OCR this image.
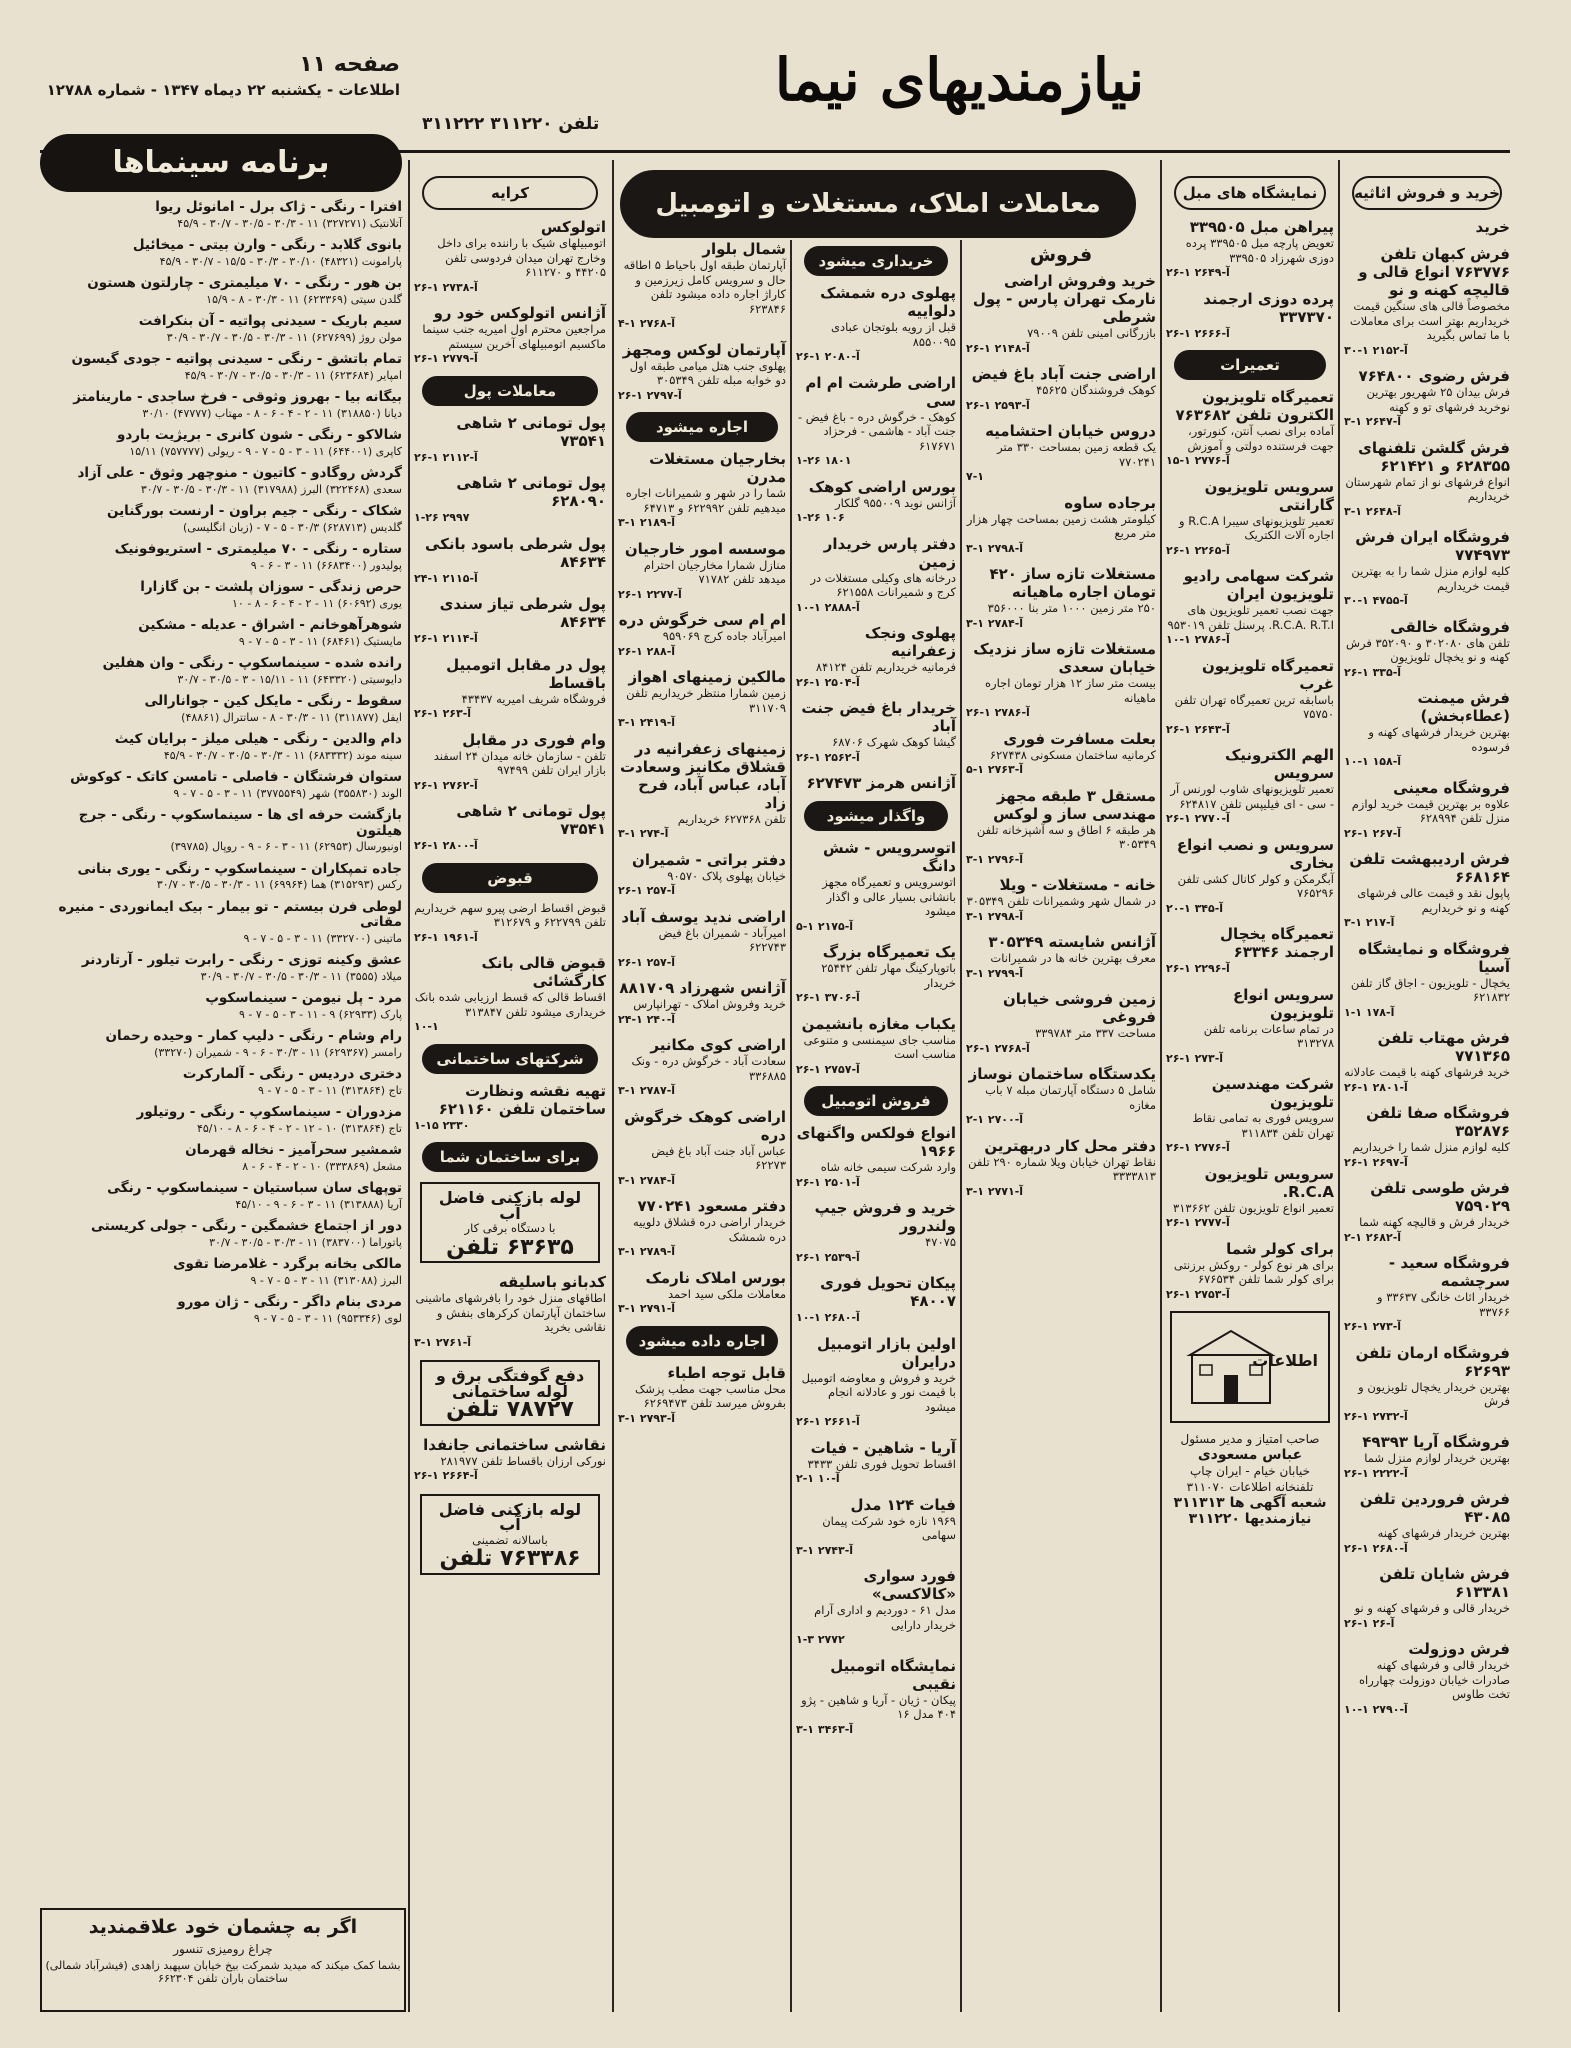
نیازمندیهای نیما
تلفن ۳۱۱۲۲۰ ۳۱۱۲۲۲
صفحه ۱۱
اطلاعات - یکشنبه ۲۲ دیماه ۱۳۴۷ - شماره ۱۲۷۸۸
برنامه سینماها
افترا - رنگی - ژاک برل - امانوئل ریوا
آتلانتیک (۳۲۷۲۷۱) ۱۱ - ۳۰/۳ - ۳۰/۵ - ۳۰/۷ - ۴۵/۹
بانوی گلابد - رنگی - وارن بیتی - میخائیل
پارامونت (۴۸۳۲۱) ۳۰/۱۰ - ۳۰/۳ - ۱۵/۵ - ۳۰/۷ - ۴۵/۹
بن هور - رنگی - ۷۰ میلیمتری - چارلتون هستون
گلدن سیتی (۶۲۳۳۶۹) ۱۱ - ۳۰/۳ - ۸ - ۱۵/۹
سیم باریک - سیدنی پواتیه - آن بنکرافت
مولن روژ (۶۲۷۶۹۹) ۱۱ - ۳۰/۳ - ۳۰/۵ - ۳۰/۷ - ۳۰/۹
تمام باتشق - رنگی - سیدنی پواتیه - جودی گیسون
امپایر (۶۲۳۶۸۴) ۱۱ - ۳۰/۳ - ۳۰/۵ - ۳۰/۷ - ۴۵/۹
بیگانه بیا - بهروز وثوقی - فرخ ساجدی - مارینامتز
دیانا (۳۱۸۸۵۰) ۱۱ - ۲ - ۴ - ۶ - ۸ - مهتاب (۴۷۷۷۷) ۳۰/۱۰
شالاکو - رنگی - شون کانری - بریژیت باردو
کاپری (۶۴۴۰۰۱) ۱۱ - ۳ - ۵ - ۷ - ۹ - ریولی (۷۵۷۷۷۷) ۱۵/۱۱
گردش روگادو - کاتیون - منوچهر وثوق - علی آزاد
سعدی (۳۲۲۴۶۸) البرز (۳۱۷۹۸۸) ۱۱ - ۳۰/۳ - ۳۰/۵ - ۳۰/۷
شکاک - رنگی - جیم براون - ارنست بورگناین
گلدیس (۶۲۸۷۱۳) ۳۰/۳ - ۵ - ۷ - (زبان انگلیسی)
ستاره - رنگی - ۷۰ میلیمتری - استریوفونیک
پولیدور (۶۶۸۳۴۰۰) ۱۱ - ۳ - ۶ - ۹
حرص زندگی - سوزان پلشت - بن گازارا
یوری (۶۰۶۹۲) ۱۱ - ۲ - ۴ - ۶ - ۸ - ۱۰
شوهرآهوخانم - اشراق - عدیله - مشکین
مایستیک (۶۸۴۶۱) ۱۱ - ۳ - ۵ - ۷ - ۹
رانده شده - سینماسکوپ - رنگی - وان هفلین
دایوسیتی (۶۴۳۳۲۰) ۱۱ - ۱۵/۱۱ - ۳ - ۳۰/۵ - ۳۰/۷
سقوط - رنگی - مایکل کین - جوانارالی
ایفل (۳۱۱۸۷۷) ۱۱ - ۳۰/۳ - ۸ - ساتترال (۴۸۸۶۱)
دام والدین - رنگی - هیلی میلز - برایان کیث
سینه موند (۶۸۳۳۳۲) ۱۱ - ۳۰/۳ - ۳۰/۵ - ۳۰/۷ - ۴۵/۹
ستوان فرشتگان - فاصلی - تامسن کاتک - کوکوش
الوند (۳۵۵۸۳۰) شهر (۳۷۷۵۵۴۹) ۱۱ - ۳ - ۵ - ۷ - ۹
بازگشت حرفه ای ها - سینماسکوپ - رنگی - جرج هیلتون
اونیورسال (۶۲۹۵۳) ۱۱ - ۳ - ۶ - ۹ - روپال (۳۹۷۸۵)
جاده تمپکاران - سینماسکوپ - رنگی - یوری بنانی
رکس (۳۱۵۲۹۳) هما (۶۹۹۶۴) ۱۱ - ۳۰/۳ - ۳۰/۵ - ۳۰/۷
لوطی فرن بیستم - تو بیمار - بیک ایمانوردی - منیره مقاتی
ماتینی (۳۳۲۷۰۰) ۱۱ - ۳ - ۵ - ۷ - ۹
عشق وکینه توزی - رنگی - رابرت تیلور - آرتاردنر
میلاد (۳۵۵۵) ۱۱ - ۳۰/۳ - ۳۰/۵ - ۳۰/۷ - ۳۰/۹
مرد - پل نیومن - سینماسکوپ
پارک (۶۲۹۳۳) ۹ - ۱۱ - ۳ - ۵ - ۷ - ۹
رام وشام - رنگی - دلیپ کمار - وحیده رحمان
رامسر (۶۲۹۳۶۷) ۱۱ - ۳۰/۳ - ۶ - ۹ - شمیران (۳۳۲۷۰)
دختری دردیس - رنگی - آلمارکرت
تاج (۳۱۳۸۶۴) ۱۱ - ۳ - ۵ - ۷ - ۹
مزدوران - سینماسکوپ - رنگی - روتیلور
تاج (۳۱۳۸۶۴) ۱۰ - ۱۲ - ۲ - ۴ - ۶ - ۸ - ۴۵/۱۰
شمشیر سحرآمیز - نخاله قهرمان
مشعل (۳۳۳۸۶۹) ۱۰ - ۲ - ۴ - ۶ - ۸
توپهای سان سباستیان - سینماسکوپ - رنگی
آریا (۳۱۳۸۸۸) ۱۱ - ۳ - ۶ - ۹ - ۴۵/۱۰
دور از اجتماع خشمگین - رنگی - جولی کریستی
پاتوراما (۳۸۳۷۰۰) ۱۱ - ۳۰/۳ - ۳۰/۵ - ۳۰/۷
مالکی بخانه برگرد - غلامرضا تقوی
البرز (۳۱۳۰۸۸) ۱۱ - ۳ - ۵ - ۷ - ۹
مردی بنام داگر - رنگی - ژان مورو
لوی (۹۵۳۳۴۶) ۱۱ - ۳ - ۵ - ۷ - ۹
اگر به چشمان خود علاقمندید
چراغ رومیزی تنسور
بشما کمک میکند که میدید شمرکت بیخ خیابان سپهبد زاهدی (فیشرآباد شمالی) ساختمان باران تلفن ۶۶۲۳۰۴
معاملات املاک، مستغلات و اتومبیل
کرایه
اتولوکس
اتومبیلهای شیک با راننده برای داخل وخارج تهران میدان فردوسی تلفن ۴۴۲۰۵ و ۶۱۱۲۷۰
آ-۲۷۳۸ ۱-۲۶
آژانس اتولوکس خود رو
مراجعین محترم اول امیریه جنب سینما ماکسیم اتومبیلهای آخرین سیستم
آ-۲۷۷۹ ۱-۲۶
معاملات پول
پول تومانی ۲ شاهی ۷۳۵۴۱
آ-۲۱۱۲ ۱-۲۶
پول تومانی ۲ شاهی ۶۲۸۰۹۰
۲۹۹۷ ۱-۲۶
پول شرطی باسود بانکی ۸۴۶۳۴
آ-۲۱۱۵ ۱-۲۴
پول شرطی تیاز سندی ۸۴۶۳۴
آ-۲۱۱۴ ۱-۲۶
پول در مقابل اتومبیل باقساط
فروشگاه شریف امیریه ۴۳۴۳۷
آ-۲۶۳ ۱-۲۶
وام فوری در مقابل
تلفن - سازمان خانه میدان ۲۴ اسفند بازار ایران تلفن ۹۷۴۹۹
آ-۲۷۶۲ ۱-۲۶
پول تومانی ۲ شاهی ۷۳۵۴۱
آ-۲۸۰۰ ۱-۲۶
قبوض
قبوض اقساط ارضی پیرو سهم خریداریم تلفن ۶۲۲۷۹۹ و ۳۱۲۶۷۹
آ-۱۹۶۱ ۱-۲۶
قبوض قالی بانک کارگشائی
اقساط قالی که قسط ارزیابی شده بانک خریداری میشود تلفن ۳۱۳۸۴۷
۱۰-۱
شرکتهای ساختمانی
تهیه نقشه ونظارت ساختمان تلفن ۶۲۱۱۶۰
۲۳۳۰ ۱-۱۵
برای ساختمان شما
لوله بازکنی فاضل آب
با دستگاه برقی کار
۶۳۶۳۵ تلفن
کدبانو باسلیقه
اطاقهای منزل خود را بافرشهای ماشینی ساختمان آپارتمان کرکرهای بنفش و نقاشی بخرید
آ-۲۷۶۱ ۱-۳
دفع گوفتگی برق و لوله ساختمانی
۷۸۷۲۷ تلفن
نقاشی ساختمانی جانفدا
نورکی ارزان باقساط تلفن ۲۸۱۹۷۷
آ-۲۶۶۴ ۱-۲۶
لوله بازکنی فاضل آب
باسالانه تضمینی
۷۶۳۳۸۶ تلفن
خریداری میشود
پهلوی دره شمشک دلواییه
قبل از رویه بلوتجان عبادی ۸۵۵۰۰۹۵
آ-۲۰۸۰ ۱-۲۶
اراضی طرشت ام ام سی
کوهک - خرگوش دره - باغ فیض - جنت آباد - هاشمی - فرحزاد ۶۱۷۶۷۱
۱۸۰۱ ۱-۲۶
بورس اراضی کوهک
آژانس نوید ۹۵۵۰۰۹ گلکار
۱۰۶ ۱-۲۶
دفتر پارس خریدار زمین
درخانه های وکیلی مستغلات در کرج و شمیرانات ۶۲۱۵۵۸
آ-۲۸۸۸ ۱-۱۰
پهلوی ونجک زعفرانیه
فرمانیه خریداریم تلفن ۸۴۱۲۴
آ-۲۵۰۴ ۱-۲۶
خریدار باغ فیض جنت آباد
گیشا کوهک شهرک ۶۸۷۰۶
آ-۲۵۶۲ ۱-۲۶
آژانس هرمز ۶۲۷۴۷۳
واگذار میشود
اتوسرویس - شش دانگ
اتوسرویس و تعمیرگاه مجهز بانشانی بسیار عالی و اگذار میشود
آ-۲۱۷۵ ۱-۵
یک تعمیرگاه بزرگ
باتوپارکینگ مهار تلفن ۲۵۴۴۲ خریدار
آ-۳۷۰۶ ۱-۲۶
یکباب مغازه بانشیمن
مناسب جای سیمنسی و متنوعی مناسب است
آ-۲۷۵۷ ۱-۲۶
فروش اتومبیل
انواع فولکس واگنهای ۱۹۶۶
وارد شرکت سیمی خانه شاه
آ-۲۵۰۱ ۱-۲۶
خرید و فروش جیپ ولندرور
۴۷۰۷۵
آ-۲۵۳۹ ۱-۲۶
پیکان تحویل فوری ۴۸۰۰۷
آ-۲۶۸۰ ۱-۱۰
اولین بازار اتومبیل درایران
خرید و فروش و معاوضه اتومبیل با قیمت نور و عادلانه انجام میشود
آ-۲۶۶۱ ۱-۲۶
آریا - شاهین - فیات
اقساط تحویل فوری تلفن ۳۴۳۳
آ-۱۰ ۱-۲
فیات ۱۲۴ مدل
۱۹۶۹ نازه خود شرکت پیمان سهامی
آ-۲۷۴۳ ۱-۳
فورد سواری «کالاکسی»
مدل ۶۱ - دوردیم و اداری آرام خریدار دارایی
۲۷۷۲ ۱-۳
نمایشگاه اتومبیل نقیبی
پیکان - ژیان - آریا و شاهین - پژو ۴۰۴ مدل ۱۶
آ-۳۴۶۳ ۱-۳
شمال بلوار
آپارتمان طبقه اول باحیاط ۵ اطاقه حال و سرویس کامل زیرزمین و کاراژ اجاره داده میشود تلفن ۶۲۳۸۴۶
آ-۲۷۶۸ ۱-۴
آپارتمان لوکس ومجهز
پهلوی جنب هتل میامی طبقه اول دو خوابه مبله تلفن ۳۰۵۳۴۹
آ-۲۷۹۷ ۱-۲۶
اجاره میشود
بخارجیان مستغلات مدرن
شما را در شهر و شمیرانات اجاره میدهیم تلفن ۶۲۲۹۹۲ و ۶۴۷۱۳
آ-۲۱۸۹ ۱-۳
موسسه امور خارجیان
منازل شمارا مخارجیان احترام میدهد تلفن ۷۱۷۸۲
آ-۲۲۷۷ ۱-۲۶
ام ام سی خرگوش دره
امیرآباد جاده کرج ۹۵۹۰۶۹
آ-۲۸۸ ۱-۲۶
مالکین زمینهای اهواز
زمین شمارا منتظر خریداریم تلفن ۳۱۱۷۰۹
آ-۲۴۱۹ ۱-۳
زمینهای زعفرانیه در قشلاق مکانیز وسعادت آباد، عباس آباد، فرح زاد
تلفن ۶۲۷۳۶۸ خریداریم
آ-۲۷۴ ۱-۳
دفتر براتی - شمیران
خیابان پهلوی پلاک ۹۰۵۷۰
آ-۲۵۷ ۱-۲۶
اراضی ندید یوسف آباد
امیرآباد - شمیران باغ فیض ۶۲۲۷۴۳
آ-۲۵۷ ۱-۲۶
آژانس شهرزاد ۸۸۱۷۰۹
خرید وفروش املاک - تهرانپارس
آ-۲۴۰ ۱-۲۴
اراضی کوی مکانیر
سعادت آباد - خرگوش دره - ونک ۳۳۶۸۸۵
آ-۲۷۸۷ ۱-۳
اراضی کوهک خرگوش دره
عباس آباد جنت آباد باغ فیض ۶۲۲۷۳
آ-۲۷۸۴ ۱-۳
دفتر مسعود ۷۷۰۲۴۱
خریدار اراضی دره قشلاق دلوییه دره شمشک
آ-۲۷۸۹ ۱-۳
بورس املاک نارمک
معاملات ملکی سید احمد
آ-۲۷۹۱ ۱-۳
اجاره داده میشود
قابل توجه اطباء
محل مناسب جهت مطب پزشک بفروش میرسد تلفن ۶۲۶۹۴۷۳
آ-۲۷۹۳ ۱-۳
فروش
خرید وفروش اراضی نارمک تهران پارس - پول شرطی
بازرگانی امینی تلفن ۷۹۰۰۹
آ-۲۱۴۸ ۱-۲۶
اراضی جنت آباد باغ فیض
کوهک فروشندگان ۴۵۶۲۵
آ-۲۵۹۳ ۱-۲۶
دروس خیابان احتشامیه
یک قطعه زمین بمساحت ۳۳۰ متر ۷۷۰۲۴۱
۷-۱
برجاده ساوه
کیلومتر هشت زمین بمساحت چهار هزار متر مربع
آ-۲۷۹۸ ۱-۳
مستغلات تازه ساز ۴۲۰ تومان اجاره ماهیانه
۲۵۰ متر زمین ۱۰۰۰ متر بنا ۳۵۶۰۰۰
آ-۲۷۸۴ ۱-۳
مستغلات تازه ساز نزدیک خیابان سعدی
بیست متر ساز ۱۲ هزار تومان اجاره ماهیانه
آ-۲۷۸۶ ۱-۲۶
بعلت مسافرت فوری
کرمانیه ساختمان مسکونی ۶۲۷۴۳۸
آ-۲۷۶۳ ۱-۵
مستقل ۳ طبقه مجهز مهندسی ساز و لوکس
هر طبقه ۶ اطاق و سه آشپزخانه تلفن ۳۰۵۳۴۹
آ-۲۷۹۶ ۱-۳
خانه - مستغلات - ویلا
در شمال شهر وشمیرانات تلفن ۳۰۵۳۴۹
آ-۲۷۹۸ ۱-۳
آژانس شایسته ۳۰۵۳۴۹
معرف بهترین خانه ها در شمیرانات
آ-۲۷۹۹ ۱-۳
زمین فروشی خیابان فروغی
مساحت ۳۳۷ متر ۳۳۹۷۸۴
آ-۲۷۶۸ ۱-۲۶
یکدستگاه ساختمان نوساز
شامل ۵ دستگاه آپارتمان مبله ۷ باب مغازه
آ-۲۷۰۰ ۱-۲
دفتر محل کار دربهترین
نقاط تهران خیابان ویلا شماره ۲۹۰ تلفن ۳۳۳۳۸۱۳
آ-۲۷۷۱ ۱-۳
نمایشگاه های مبل
پیراهن مبل ۳۳۹۵۰۵
تعویض پارچه مبل ۳۳۹۵۰۵ پرده دوزی شهرزاد ۳۳۹۵۰۵
آ-۲۶۴۹ ۱-۲۶
پرده دوزی ارجمند ۳۳۷۳۷۰
آ-۲۶۶۶ ۱-۲۶
تعمیرات
تعمیرگاه تلویزیون الکترون تلفن ۷۶۳۶۸۲
آماده برای نصب آنتن، کنورتور، جهت فرستنده دولتی و آموزش
آ-۲۷۷۶ ۱-۱۵
سرویس تلویزیون گارانتی
تعمیر تلویزیونهای سیبرا R.C.A و اجاره آلات الکتریک
آ-۲۲۶۵ ۱-۲۶
شرکت سهامی رادیو تلویزیون ایران
جهت نصب تعمیر تلویزیون های R.C.A. R.T.I. پرسنل تلفن ۹۵۳۰۱۹
آ-۲۷۸۶ ۱-۱۰
تعمیرگاه تلویزیون غرب
باسابقه ترین تعمیرگاه تهران تلفن ۷۵۷۵۰
آ-۲۶۴۳ ۱-۲۶
الهم الکترونیک سرویس
تعمیر تلویزیونهای شاوب لورنس آر - سی - ای فیلیپس تلفن ۶۲۴۸۱۷
آ-۲۷۷۰ ۱-۲۶
سرویس و نصب انواع بخاری
آبگرمکن و کولر کانال کشی تلفن ۷۶۵۲۹۶
آ-۳۴۵ ۱-۲۰
تعمیرگاه یخچال ارجمند ۶۳۳۴۶
آ-۲۲۹۶ ۱-۲۶
سرویس انواع تلویزیون
در تمام ساعات برنامه تلفن ۳۱۳۲۷۸
آ-۲۷۳ ۱-۲۶
شرکت مهندسین تلویزیون
سرویس فوری به تمامی نقاط تهران تلفن ۳۱۱۸۳۴
آ-۲۷۷۶ ۱-۲۶
سرویس تلویزیون R.C.A.
تعمیر انواع تلویزیون تلفن ۳۱۳۶۶۲
آ-۲۷۷۷ ۱-۲۶
برای کولر شما
برای هر نوع کولر - روکش برزنتی برای کولر شما تلفن ۶۷۶۵۳۴
آ-۲۷۵۳ ۱-۲۶
اطلاعات
صاحب امتیاز و مدیر مسئول
عباس مسعودی
خیابان خیام - ایران چاپ
تلفنخانه اطلاعات ۳۱۱۰۷۰
شعبه آگهی ها ۳۱۱۳۱۳
نیازمندیها ۳۱۱۲۲۰
خرید و فروش اثاثیه
خرید
فرش کبهان تلفن ۷۶۳۷۷۶ انواع قالی و قالیچه کهنه و نو
مخصوصاً قالی های سنگین قیمت خریداریم بهتر است برای معاملات با ما تماس بگیرید
آ-۲۱۵۲ ۱-۳۰
فرش رضوی ۷۶۴۸۰۰
فرش بیدان ۲۵ شهریور بهترین نوخرید فرشهای تو و کهنه
آ-۲۶۴۷ ۱-۳
فرش گلشن تلفنهای ۶۲۸۳۵۵ و ۶۲۱۴۲۱
انواع فرشهای نو از تمام شهرستان خریداریم
آ-۲۶۴۸ ۱-۳
فروشگاه ایران فرش ۷۷۴۹۷۳
کلیه لوازم منزل شما را به بهترین قیمت خریداریم
آ-۴۷۵۵ ۱-۳۰
فروشگاه خالقی
تلفن های ۳۰۲۰۸۰ و ۳۵۲۰۹۰ فرش کهنه و نو یخچال تلویزیون
آ-۳۳۵ ۱-۲۶
فرش میمنت (عطاءبخش)
بهترین خریدار فرشهای کهنه و فرسوده
آ-۱۵۸ ۱-۱۰
فروشگاه معینی
علاوه بر بهترین قیمت خرید لوازم منزل تلفن ۶۲۸۹۹۴
آ-۲۶۷ ۱-۲۶
فرش اردیبهشت تلفن ۶۶۸۱۶۴
پاپول نقد و قیمت عالی فرشهای کهنه و نو خریداریم
آ-۲۱۷ ۱-۳
فروشگاه و نمایشگاه آسیا
یخچال - تلویزیون - اجاق گاز تلفن ۶۲۱۸۳۲
آ-۱۷۸ ۱-۱
فرش مهتاب تلفن ۷۷۱۳۶۵
خرید فرشهای کهنه با قیمت عادلانه
آ-۲۸۰۱ ۱-۲۶
فروشگاه صفا تلفن ۳۵۲۸۷۶
کلیه لوازم منزل شما را خریداریم
آ-۲۶۹۷ ۱-۲۶
فرش طوسی تلفن ۷۵۹۰۲۹
خریدار فرش و قالیچه کهنه شما
آ-۲۶۸۲ ۱-۲
فروشگاه سعید - سرچشمه
خریدار اثاث خانگی ۳۳۶۳۷ و ۳۳۷۶۶
آ-۲۷۳ ۱-۲۶
فروشگاه ارمان تلفن ۶۲۶۹۳
بهترین خریدار یخچال تلویزیون و فرش
آ-۲۷۳۲ ۱-۲۶
فروشگاه آریا ۴۹۳۹۳
بهترین خریدار لوازم منزل شما
آ-۲۲۲۲ ۱-۲۶
فرش فروردین تلفن ۴۳۰۸۵
بهترین خریدار فرشهای کهنه
آ-۲۶۸۰ ۱-۲۶
فرش شایان تلفن ۶۱۳۳۸۱
خریدار قالی و فرشهای کهنه و نو
آ-۲۶ ۱-۲۶
فرش دوزولت
خریدار قالی و فرشهای کهنه صادرات خیابان دوزولت چهارراه تخت طاوس
آ-۲۷۹۰ ۱-۱۰
